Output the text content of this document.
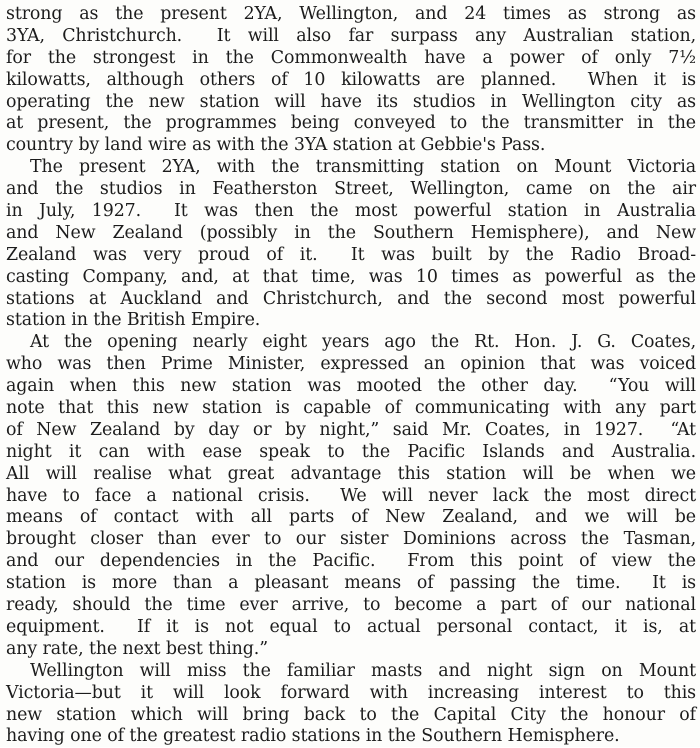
strong as the present 2YA, Wellington, and 24 times as strong as
3YA, Christchurch.  It will also far surpass any Australian station,
for the strongest in the Commonwealth have a power of only 7½
kilowatts, although others of 10 kilowatts are planned.  When it is
operating the new station will have its studios in Wellington city as
at present, the programmes being conveyed to the transmitter in the
country by land wire as with the 3YA station at Gebbie's Pass.
The present 2YA, with the transmitting station on Mount Victoria
and the studios in Featherston Street, Wellington, came on the air
in July, 1927.  It was then the most powerful station in Australia
and New Zealand (possibly in the Southern Hemisphere), and New
Zealand was very proud of it.  It was built by the Radio Broad-
casting Company, and, at that time, was 10 times as powerful as the
stations at Auckland and Christchurch, and the second most powerful
station in the British Empire.
At the opening nearly eight years ago the Rt. Hon. J. G. Coates,
who was then Prime Minister, expressed an opinion that was voiced
again when this new station was mooted the other day.  “You will
note that this new station is capable of communicating with any part
of New Zealand by day or by night,” said Mr. Coates, in 1927.  “At
night it can with ease speak to the Pacific Islands and Australia.
All will realise what great advantage this station will be when we
have to face a national crisis.  We will never lack the most direct
means of contact with all parts of New Zealand, and we will be
brought closer than ever to our sister Dominions across the Tasman,
and our dependencies in the Pacific.  From this point of view the
station is more than a pleasant means of passing the time.  It is
ready, should the time ever arrive, to become a part of our national
equipment.  If it is not equal to actual personal contact, it is, at
any rate, the next best thing.”
Wellington will miss the familiar masts and night sign on Mount
Victoria—but it will look forward with increasing interest to this
new station which will bring back to the Capital City the honour of
having one of the greatest radio stations in the Southern Hemisphere.
